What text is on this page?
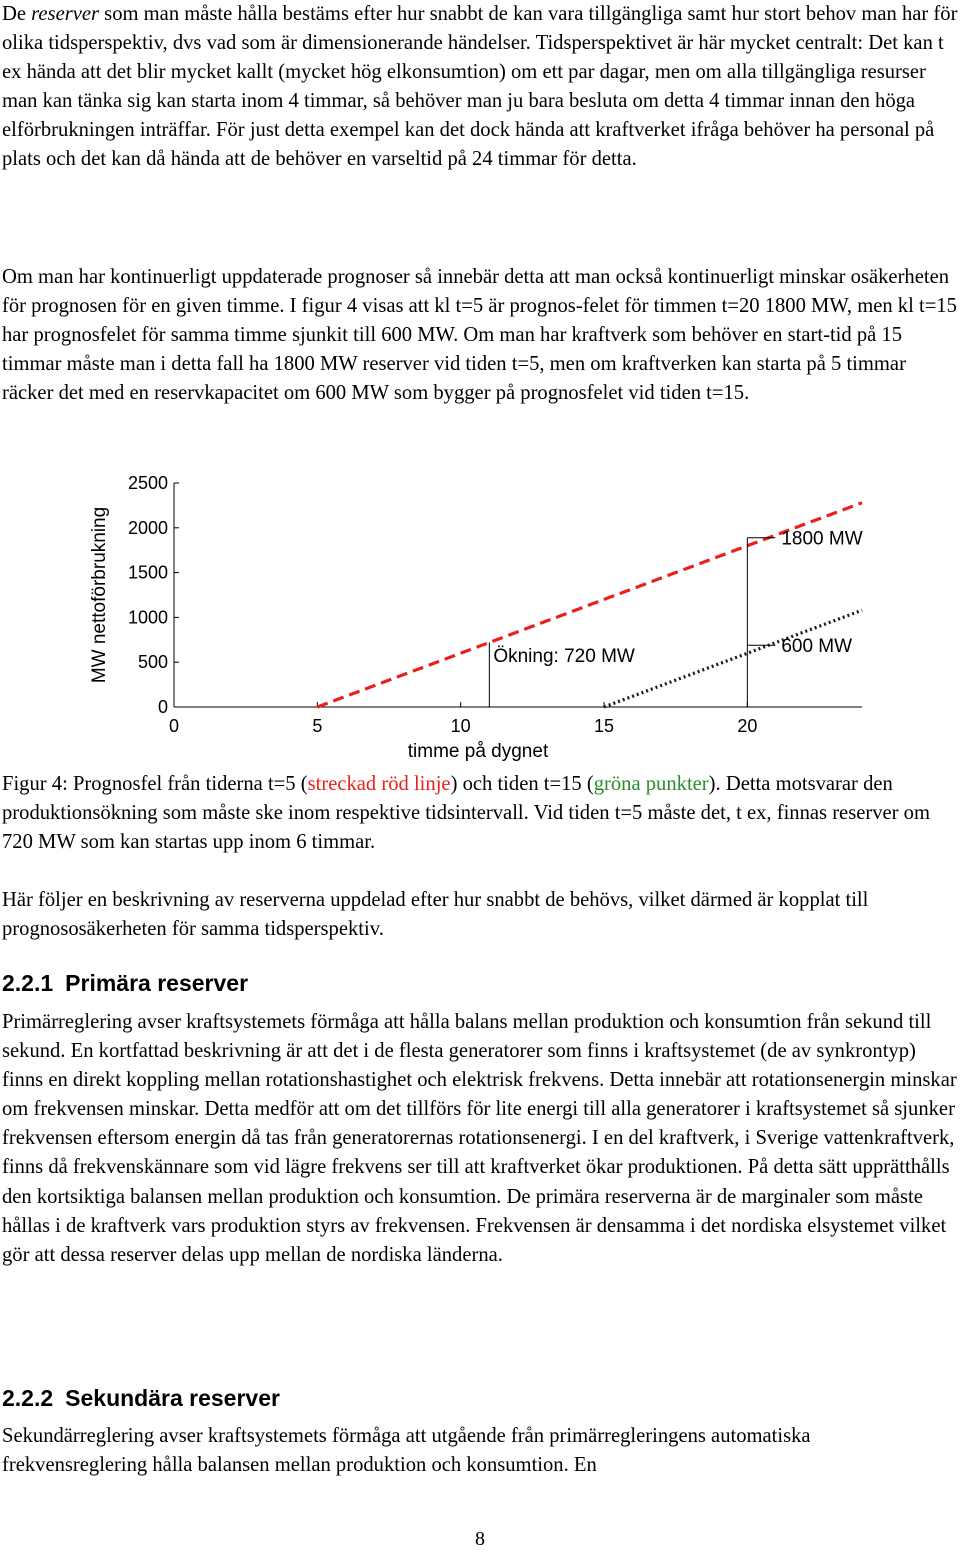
De reserver som man måste hålla bestäms efter hur snabbt de kan vara tillgängliga samt hur stort behov man har för olika tidsperspektiv, dvs vad som är dimensionerande händelser. Tidsperspektivet är här mycket centralt: Det kan t ex hända att det blir mycket kallt (mycket hög elkonsumtion) om ett par dagar, men om alla tillgängliga resurser man kan tänka sig kan starta inom 4 timmar, så behöver man ju bara besluta om detta 4 timmar innan den höga elförbrukningen inträffar. För just detta exempel kan det dock hända att kraftverket ifråga behöver ha personal på plats och det kan då hända att de behöver en varseltid på 24 timmar för detta.

Om man har kontinuerligt uppdaterade prognoser så innebär detta att man också kontinuerligt minskar osäkerheten för prognosen för en given timme. I figur 4 visas att kl t=5 är prognos-felet för timmen t=20 1800 MW, men kl t=15 har prognosfelet för samma timme sjunkit till 600 MW. Om man har kraftverk som behöver en start-tid på 15 timmar måste man i detta fall ha 1800 MW reserver vid tiden t=5, men om kraftverken kan starta på 5 timmar räcker det med en reservkapacitet om 600 MW som bygger på prognosfelet vid tiden t=15.

0
500
1000
1500
2000
2500
0	5	10	15	20
timme på dygnet
MW nettoförbrukning	Ökning: 720 MW
1800 MW
600 MW

Figur 4: Prognosfel från tiderna t=5 (streckad röd linje) och tiden t=15 (gröna punkter). Detta motsvarar den produktionsökning som måste ske inom respektive tidsintervall. Vid tiden t=5 måste det, t ex, finnas reserver om 720 MW som kan startas upp inom 6 timmar.

Här följer en beskrivning av reserverna uppdelad efter hur snabbt de behövs, vilket därmed är kopplat till prognososäkerheten för samma tidsperspektiv.

2.2.1 Primära reserver

Primärreglering avser kraftsystemets förmåga att hålla balans mellan produktion och konsumtion från sekund till sekund. En kortfattad beskrivning är att det i de flesta generatorer som finns i kraftsystemet (de av synkrontyp) finns en direkt koppling mellan rotationshastighet och elektrisk frekvens. Detta innebär att rotationsenergin minskar om frekvensen minskar. Detta medför att om det tillförs för lite energi till alla generatorer i kraftsystemet så sjunker frekvensen eftersom energin då tas från generatorernas rotationsenergi. I en del kraftverk, i Sverige vattenkraftverk, finns då frekvenskännare som vid lägre frekvens ser till att kraftverket ökar produktionen. På detta sätt upprätthålls den kortsiktiga balansen mellan produktion och konsumtion. De primära reserverna är de marginaler som måste hållas i de kraftverk vars produktion styrs av frekvensen. Frekvensen är densamma i det nordiska elsystemet vilket gör att dessa reserver delas upp mellan de nordiska länderna.

2.2.2 Sekundära reserver

Sekundärreglering avser kraftsystemets förmåga att utgående från primärregleringens automatiska frekvensreglering hålla balansen mellan produktion och konsumtion. En

8
